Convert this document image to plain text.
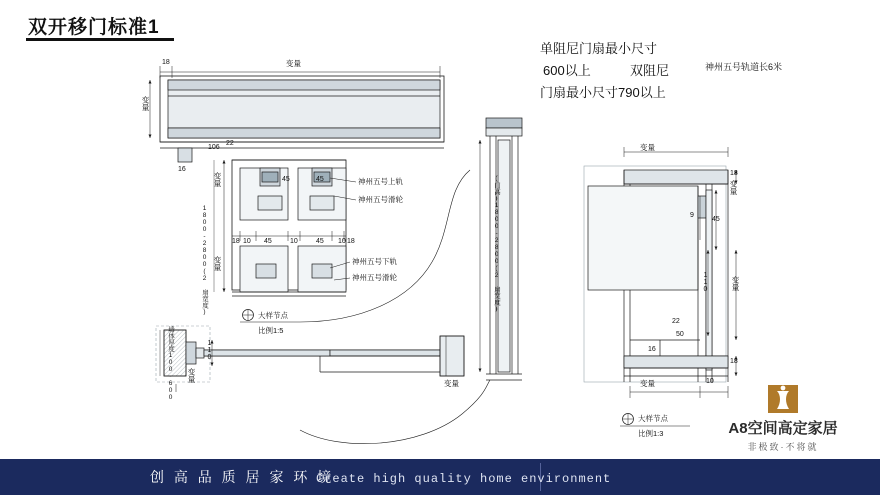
双开移门标准1
单阻尼门扇最小尺寸
600以上	双阻尼
门扇最小尺寸790以上
神州五号轨道长6米
18	变量
变量
106
22
16
变量
变量
1800-2800(2 扇宽度)
45	45
18 10 45	10	45 10 18
神州五号上轨
神州五号滑轮
神州五号下轨
神州五号滑轮
大样节点
比例1:5
(门高)1800-2800(2 扇宽度)
墙体厚度100-600	110
变量
变量
变量
18
9
45
变量
110	变量
22
50
16
18
变量	10
大样节点
比例1:3	A8空间高定家居
非极致·不将就
创 高 品 质 居 家 环 境
Create high quality home environment
